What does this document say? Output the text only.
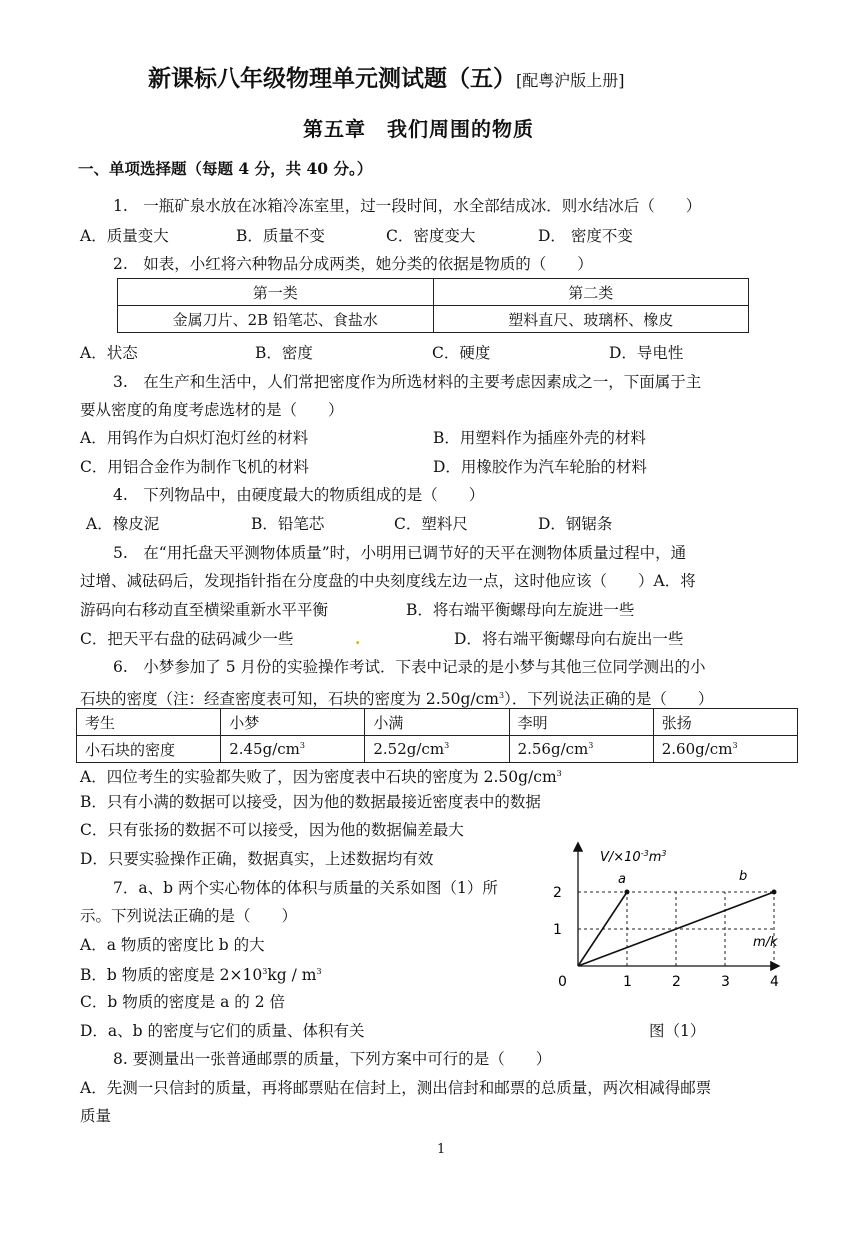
新课标八年级物理单元测试题（五）[配粤沪版上册]
第五章　我们周围的物质
一、单项选择题（每题 4 分，共 40 分。）
1.　一瓶矿泉水放在冰箱冷冻室里，过一段时间，水全部结成冰．则水结冰后（　　）
A．质量变大	B．质量不变	C．密度变大	D． 密度不变
2.　如表，小红将六种物品分成两类，她分类的依据是物质的（　　）
第一类	第二类
金属刀片、2B 铅笔芯、食盐水	塑料直尺、玻璃杯、橡皮
A．状态	B．密度	C．硬度	D．导电性
3.　在生产和生活中，人们常把密度作为所选材料的主要考虑因素成之一，下面属于主
要从密度的角度考虑选材的是（　　）
A．用钨作为白炽灯泡灯丝的材料	B．用塑料作为插座外壳的材料
C．用铝合金作为制作飞机的材料	D．用橡胶作为汽车轮胎的材料
4.　下列物品中，由硬度最大的物质组成的是（　　）
A．橡皮泥	B．铅笔芯	C．塑料尺	D．钢锯条
5.　在“用托盘天平测物体质量”时，小明用已调节好的天平在测物体质量过程中，通
过增、减砝码后，发现指针指在分度盘的中央刻度线左边一点，这时他应该（　　）A．将
游码向右移动直至横梁重新水平平衡	B．将右端平衡螺母向左旋进一些
C．把天平右盘的砝码减少一些	.	D．将右端平衡螺母向右旋出一些
6.　小梦参加了 5 月份的实验操作考试．下表中记录的是小梦与其他三位同学测出的小
石块的密度（注：经查密度表可知，石块的密度为 $2.50g/cm^3$）．下列说法正确的是（　　）
考生	小梦	小满	李明	张扬
小石块的密度	$2.45g/cm^3$	$2.52g/cm^3$	$2.56g/cm^3$	$2.60g/cm^3$
A．四位考生的实验都失败了，因为密度表中石块的密度为 $2.50g/cm^3$
B．只有小满的数据可以接受，因为他的数据最接近密度表中的数据
C．只有张扬的数据不可以接受，因为他的数据偏差最大
D．只要实验操作正确，数据真实，上述数据均有效
7．a、b 两个实心物体的体积与质量的关系如图（1）所
示。下列说法正确的是（　　）
A．a 物质的密度比 b 的大
B．b 物质的密度是 $2\times 10^3kg / m^3$
C．b 物质的密度是 a 的 2 倍
D．a、b 的密度与它们的质量、体积有关	图（1）
1	2	3	4
1
2
$V/\times 10^{-3}m^3$
m/k
0
a	b
8. 要测量出一张普通邮票的质量，下列方案中可行的是（　　）
A．先测一只信封的质量，再将邮票贴在信封上，测出信封和邮票的总质量，两次相减得邮票
质量
1
